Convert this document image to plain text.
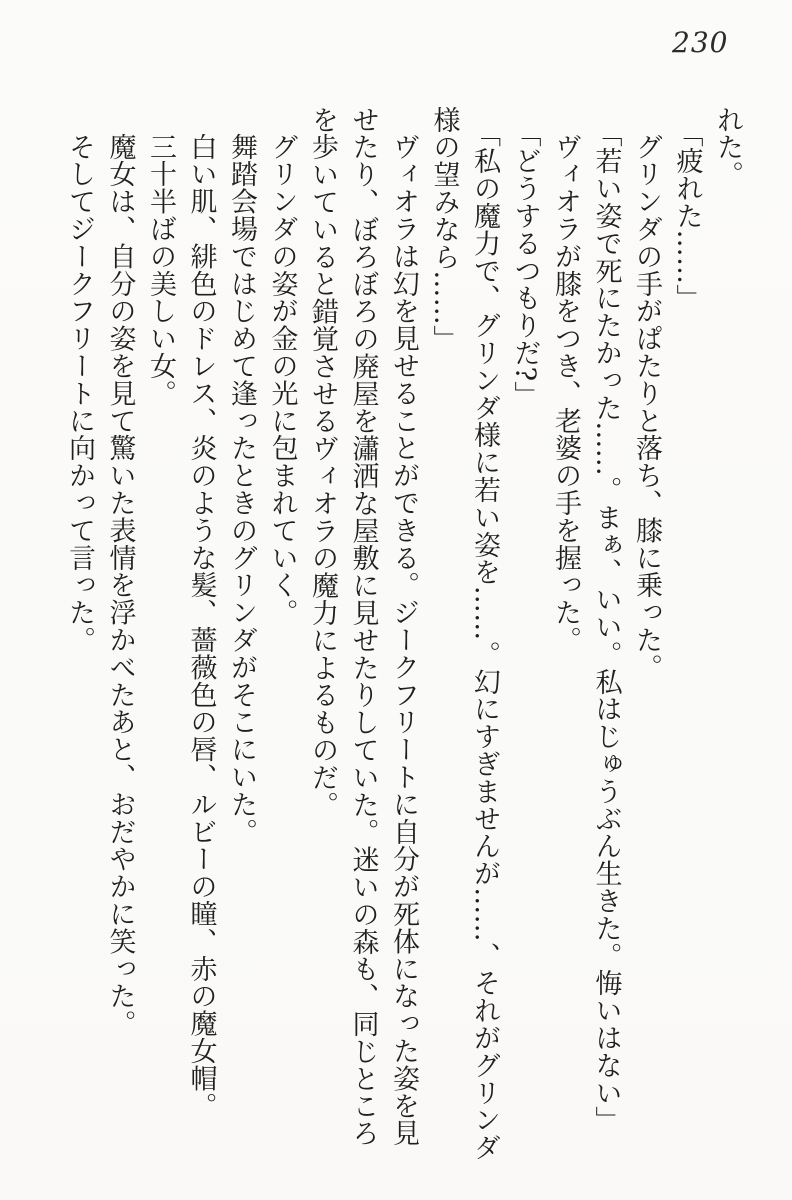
230

れた。

「疲れた……」

グリンダの手がぱたりと落ち、膝に乗った。

「若い姿で死にたかった……。まぁ、いい。私はじゅうぶん生きた。悔いはない」

ヴィオラが膝をつき、老婆の手を握った。

「どうするつもりだ?」

「私の魔力で、グリンダ様に若い姿を……。幻にすぎませんが……、それがグリンダ様の望みなら……」

ヴィオラは幻を見せることができる。ジークフリートに自分が死体になった姿を見せたり、ぼろぼろの廃屋を瀟洒な屋敷に見せたりしていた。迷いの森も、同じところを歩いていると錯覚させるヴィオラの魔力によるものだ。

グリンダの姿が金の光に包まれていく。

舞踏会場ではじめて逢ったときのグリンダがそこにいた。

白い肌、緋色のドレス、炎のような髪、薔薇色の唇、ルビーの瞳、赤の魔女帽。

三十半ばの美しい女。

魔女は、自分の姿を見て驚いた表情を浮かべたあと、おだやかに笑った。

そしてジークフリートに向かって言った。
